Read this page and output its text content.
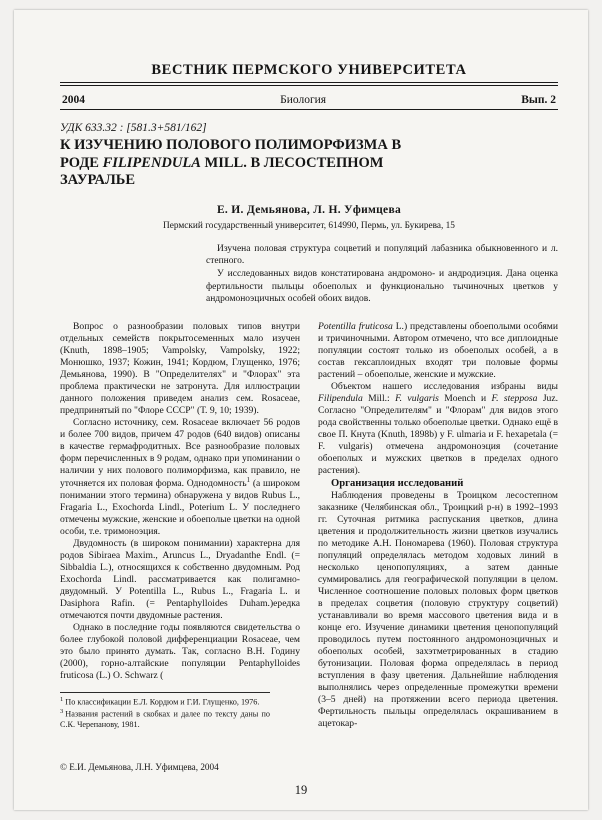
ВЕСТНИК ПЕРМСКОГО УНИВЕРСИТЕТА
2004	Биология	Вып. 2
УДК 633.32 : [581.3+581/162]
К ИЗУЧЕНИЮ ПОЛОВОГО ПОЛИМОРФИЗМА В
РОДЕ FILIPENDULA MILL. В ЛЕСОСТЕПНОМ
ЗАУРАЛЬЕ
Е. И. Демьянова, Л. Н. Уфимцева
Пермский государственный университет, 614990, Пермь, ул. Букирева, 15

Изучена половая структура соцветий и популяций лабазника обыкновенного и л. степного.

У исследованных видов констатирована андромоно- и андродиэция. Дана оценка фертильности пыльцы обоеполых и функционально тычиночных цветков у андромоноэцичных особей обоих видов.

Вопрос о разнообразии половых типов внутри отдельных семейств покрытосеменных мало изучен (Knuth, 1898–1905; Vampolsky, Vampolsky, 1922; Монюшко, 1937; Кожин, 1941; Кордюм, Глущенко, 1976; Демьянова, 1990). В "Определителях" и "Флорах" эта проблема практически не затронута. Для иллюстрации данного положения приведем анализ сем. Rosaceae, предпринятый по "Флоре СССР" (Т. 9, 10; 1939).

Согласно источнику, сем. Rosaceae включает 56 родов и более 700 видов, причем 47 родов (640 видов) описаны в качестве гермафродитных. Все разнообразие половых форм перечисленных в 9 родам, однако при упоминании о наличии у них полового полиморфизма, как правило, не уточняется их половая форма. Однодомность$^1$ (а широком понимании этого термина) обнаружена у видов Rubus L., Fragaria L., Exochorda Lindl., Poterium L. У последнего отмечены мужские, женские и обоеполые цветки на одной особи, т.е. тримоноэция.

Двудомность (в широком понимании) характерна для родов Sibiraea Maxim., Aruncus L., Dryadanthe Endl. (= Sibbaldia L.), относящихся к собственно двудомным. Род Exochorda Lindl. рассматривается как полигамно-двудомный. У Potentilla L., Rubus L., Fragaria L. и Dasiphora Rafin. (= Pentaphylloides Duham.)ередка отмечаются почти двудомные растения.

Однако в последние годы появляются свидетельства о более глубокой половой дифференциации Rosaceae, чем это было принято думать. Так, согласно В.Н. Годину (2000), горно-алтайские популяции Pentaphylloides fruticosa (L.) O. Schwarz (

$^1$ По классификации Е.Л. Кордюм и Г.И. Глущенко, 1976.

$^3$ Названия растений в скобках и далее по тексту даны по С.К. Черепанову, 1981.

Potentilla fruticosa L.) представлены обоеполыми особями и тричиночными. Автором отмечено, что все диплоидные популяции состоят только из обоеполых особей, а в состав гексаплоидных входят три половые формы растений – обоеполые, женские и мужские.

Объектом нашего исследования избраны виды Filipendula Mill.: F. vulgaris Moench и F. stepposa Juz. Согласно "Определителям" и "Флорам" для видов этого рода свойственны только обоеполые цветки. Однако ещё в свое П. Кнута (Knuth, 1898b) у F. ulmaria и F. hexapetala (= F. vulgaris) отмечена андромоноэция (сочетание обоеполых и мужских цветков в пределах одного растения).

Организация исследований

Наблюдения проведены в Троицком лесостепном заказнике (Челябинская обл., Троицкий р-н) в 1992–1993 гг. Суточная ритмика распускания цветков, длина цветения и продолжительность жизни цветков изучались по методике А.Н. Пономарева (1960). Половая структура популяций определялась методом ходовых линий в несколько ценопопуляциях, а затем данные суммировались для географической популяции в целом. Численное соотношение половых половых форм цветков в пределах соцветия (половую структуру соцветий) устанавливали во время массового цветения вида и в конце его. Изучение динамики цветения ценопопуляций проводилось путем постоянного андромоноэцичных и обоеполых особей, захэтметрированных в стадию бутонизации. Половая форма определялась в период вступления в фазу цветения. Дальнейшие наблюдения выполнялись через определенные промежутки времени (3–5 дней) на протяжении всего периода цветения. Фертильность пыльцы определялась окрашиванием в ацетокар-

© Е.И. Демьянова, Л.Н. Уфимцева, 2004
19
